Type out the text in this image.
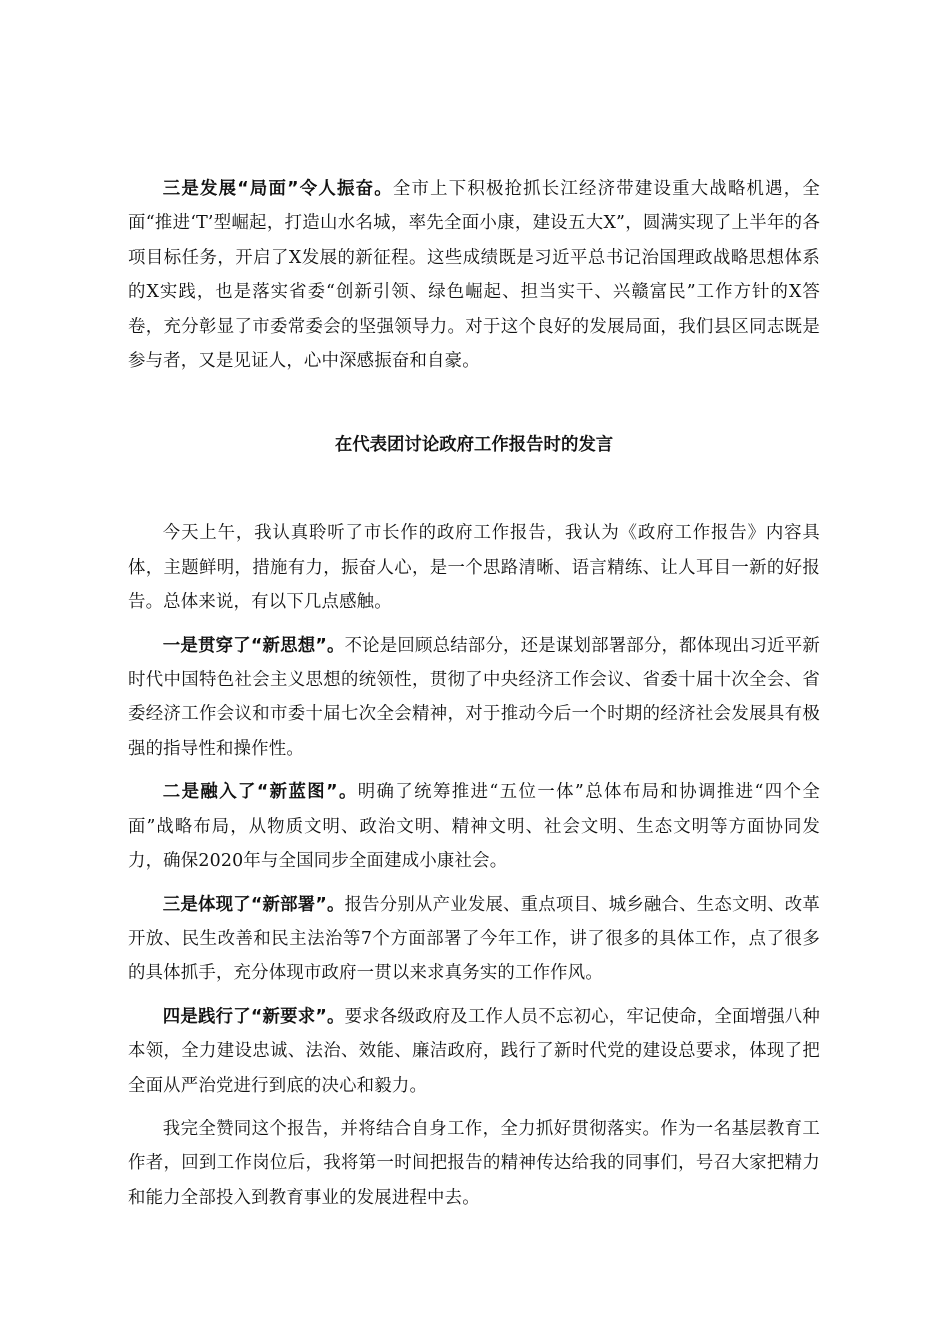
三是发展“局面”令人振奋。全市上下积极抢抓长江经济带建设重大战略机遇，全面“推进‘T’型崛起，打造山水名城，率先全面小康，建设五大X”，圆满实现了上半年的各项目标任务，开启了X发展的新征程。这些成绩既是习近平总书记治国理政战略思想体系的X实践，也是落实省委“创新引领、绿色崛起、担当实干、兴赣富民”工作方针的X答卷，充分彰显了市委常委会的坚强领导力。对于这个良好的发展局面，我们县区同志既是参与者，又是见证人，心中深感振奋和自豪。

在代表团讨论政府工作报告时的发言

今天上午，我认真聆听了市长作的政府工作报告，我认为《政府工作报告》内容具体，主题鲜明，措施有力，振奋人心，是一个思路清晰、语言精练、让人耳目一新的好报告。总体来说，有以下几点感触。

一是贯穿了“新思想”。不论是回顾总结部分，还是谋划部署部分，都体现出习近平新时代中国特色社会主义思想的统领性，贯彻了中央经济工作会议、省委十届十次全会、省委经济工作会议和市委十届七次全会精神，对于推动今后一个时期的经济社会发展具有极强的指导性和操作性。

二是融入了“新蓝图”。明确了统筹推进“五位一体”总体布局和协调推进“四个全面”战略布局，从物质文明、政治文明、精神文明、社会文明、生态文明等方面协同发力，确保2020年与全国同步全面建成小康社会。

三是体现了“新部署”。报告分别从产业发展、重点项目、城乡融合、生态文明、改革开放、民生改善和民主法治等7个方面部署了今年工作，讲了很多的具体工作，点了很多的具体抓手，充分体现市政府一贯以来求真务实的工作作风。

四是践行了“新要求”。要求各级政府及工作人员不忘初心，牢记使命，全面增强八种本领，全力建设忠诚、法治、效能、廉洁政府，践行了新时代党的建设总要求，体现了把全面从严治党进行到底的决心和毅力。

我完全赞同这个报告，并将结合自身工作，全力抓好贯彻落实。作为一名基层教育工作者，回到工作岗位后，我将第一时间把报告的精神传达给我的同事们，号召大家把精力和能力全部投入到教育事业的发展进程中去。
